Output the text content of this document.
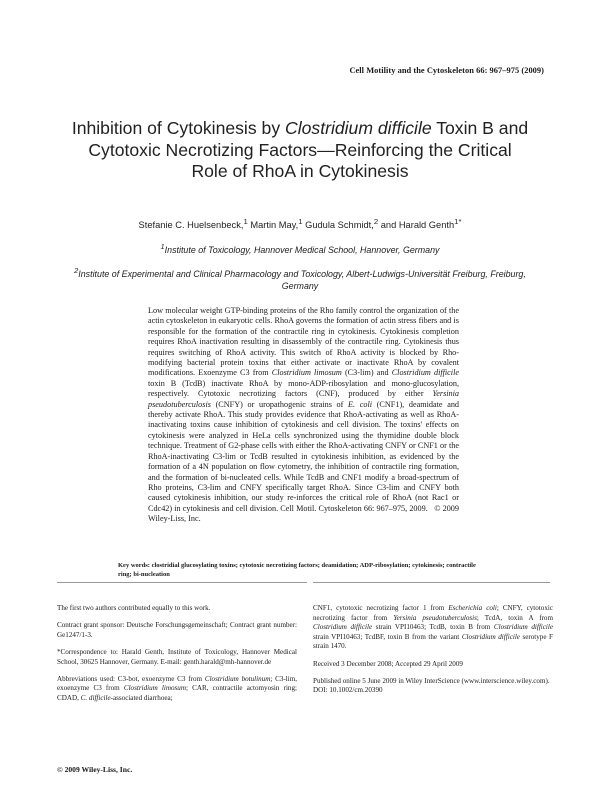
Cell Motility and the Cytoskeleton 66: 967–975 (2009)
Inhibition of Cytokinesis by Clostridium difficile Toxin B and Cytotoxic Necrotizing Factors—Reinforcing the Critical Role of RhoA in Cytokinesis
Stefanie C. Huelsenbeck,$^1$ Martin May,$^1$ Gudula Schmidt,$^2$ and Harald Genth$^{1*}$
$^1$Institute of Toxicology, Hannover Medical School, Hannover, Germany
$^2$Institute of Experimental and Clinical Pharmacology and Toxicology, Albert-Ludwigs-Universität Freiburg, Freiburg, Germany
Low molecular weight GTP-binding proteins of the Rho family control the organization of the actin cytoskeleton in eukaryotic cells. RhoA governs the formation of actin stress fibers and is responsible for the formation of the contractile ring in cytokinesis. Cytokinesis completion requires RhoA inactivation resulting in disassembly of the contractile ring. Cytokinesis thus requires switching of RhoA activity. This switch of RhoA activity is blocked by Rho-modifying bacterial protein toxins that either activate or inactivate RhoA by covalent modifications. Exoenzyme C3 from Clostridium limosum (C3-lim) and Clostridium difficile toxin B (TcdB) inactivate RhoA by mono-ADP-ribosylation and mono-glucosylation, respectively. Cytotoxic necrotizing factors (CNF), produced by either Yersinia pseudotuberculosis (CNFY) or uropathogenic strains of E. coli (CNF1), deamidate and thereby activate RhoA. This study provides evidence that RhoA-activating as well as RhoA-inactivating toxins cause inhibition of cytokinesis and cell division. The toxins' effects on cytokinesis were analyzed in HeLa cells synchronized using the thymidine double block technique. Treatment of G2-phase cells with either the RhoA-activating CNFY or CNF1 or the RhoA-inactivating C3-lim or TcdB resulted in cytokinesis inhibition, as evidenced by the formation of a 4N population on flow cytometry, the inhibition of contractile ring formation, and the formation of bi-nucleated cells. While TcdB and CNF1 modify a broad-spectrum of Rho proteins, C3-lim and CNFY specifically target RhoA. Since C3-lim and CNFY both caused cytokinesis inhibition, our study re-inforces the critical role of RhoA (not Rac1 or Cdc42) in cytokinesis and cell division. Cell Motil. Cytoskeleton 66: 967–975, 2009. © 2009 Wiley-Liss, Inc.
Key words: clostridial glucosylating toxins; cytotoxic necrotizing factors; deamidation; ADP-ribosylation; cytokinesis; contractile ring; bi-nucleation

The first two authors contributed equally to this work.

Contract grant sponsor: Deutsche Forschungsgemeinschaft; Contract grant number: Ge1247/1-3.

*Correspondence to: Harald Genth, Institute of Toxicology, Hannover Medical School, 30625 Hannover, Germany. E-mail: genth.harald@mh-hannover.de

Abbreviations used: C3-bot, exoenzyme C3 from Clostridium botulinum; C3-lim, exoenzyme C3 from Clostridium limosum; CAR, contractile actomyosin ring; CDAD, C. difficile-associated diarrhoea;

CNF1, cytotoxic necrotizing factor 1 from Escherichia coli; CNFY, cytotoxic necrotizing factor from Yersinia pseudotuberculosis; TcdA, toxin A from Clostridium difficile strain VPI10463; TcdB, toxin B from Clostridium difficile strain VPI10463; TcdBF, toxin B from the variant Clostridium difficile serotype F strain 1470.

Received 3 December 2008; Accepted 29 April 2009

Published online 5 June 2009 in Wiley InterScience (www.interscience.wiley.com).
DOI: 10.1002/cm.20390

© 2009 Wiley-Liss, Inc.
